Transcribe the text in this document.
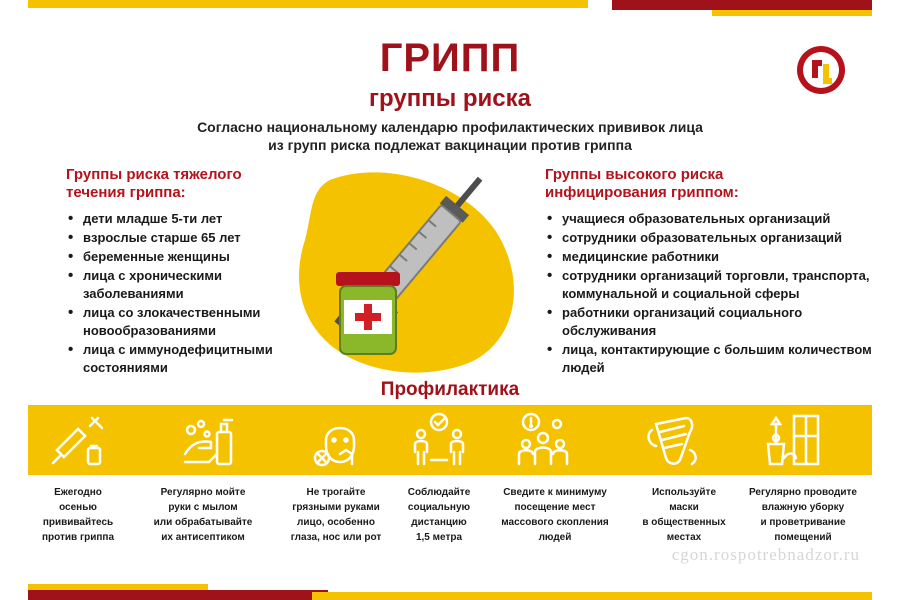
ГРИПП
группы риска
Согласно национальному календарю профилактических прививок лица
из групп риска подлежат вакцинации против гриппа
Группы риска тяжелого
течения гриппа:
• дети младше 5-ти лет
• взрослые старше 65 лет
• беременные женщины
• лица с хроническими заболеваниями
• лица со злокачественными новообразованиями
• лица с иммунодефицитными состояниями
Группы высокого риска
инфицирования гриппом:
• учащиеся образовательных организаций
• сотрудники образовательных организаций
• медицинские работники
• сотрудники организаций торговли, транспорта, коммунальной и социальной сферы
• работники организаций социального обслуживания
• лица, контактирующие с большим количеством людей
Профилактика
Ежегодно
осенью
прививайтесь
против гриппа
Регулярно мойте
руки с мылом
или обрабатывайте
их антисептиком
Не трогайте
грязными руками
лицо, особенно
глаза, нос или рот
Соблюдайте
социальную
дистанцию
1,5 метра
Сведите к минимуму
посещение мест
массового скопления
людей
Используйте
маски
в общественных
местах
Регулярно проводите
влажную уборку
и проветривание
помещений
cgon.rospotrebnadzor.ru
